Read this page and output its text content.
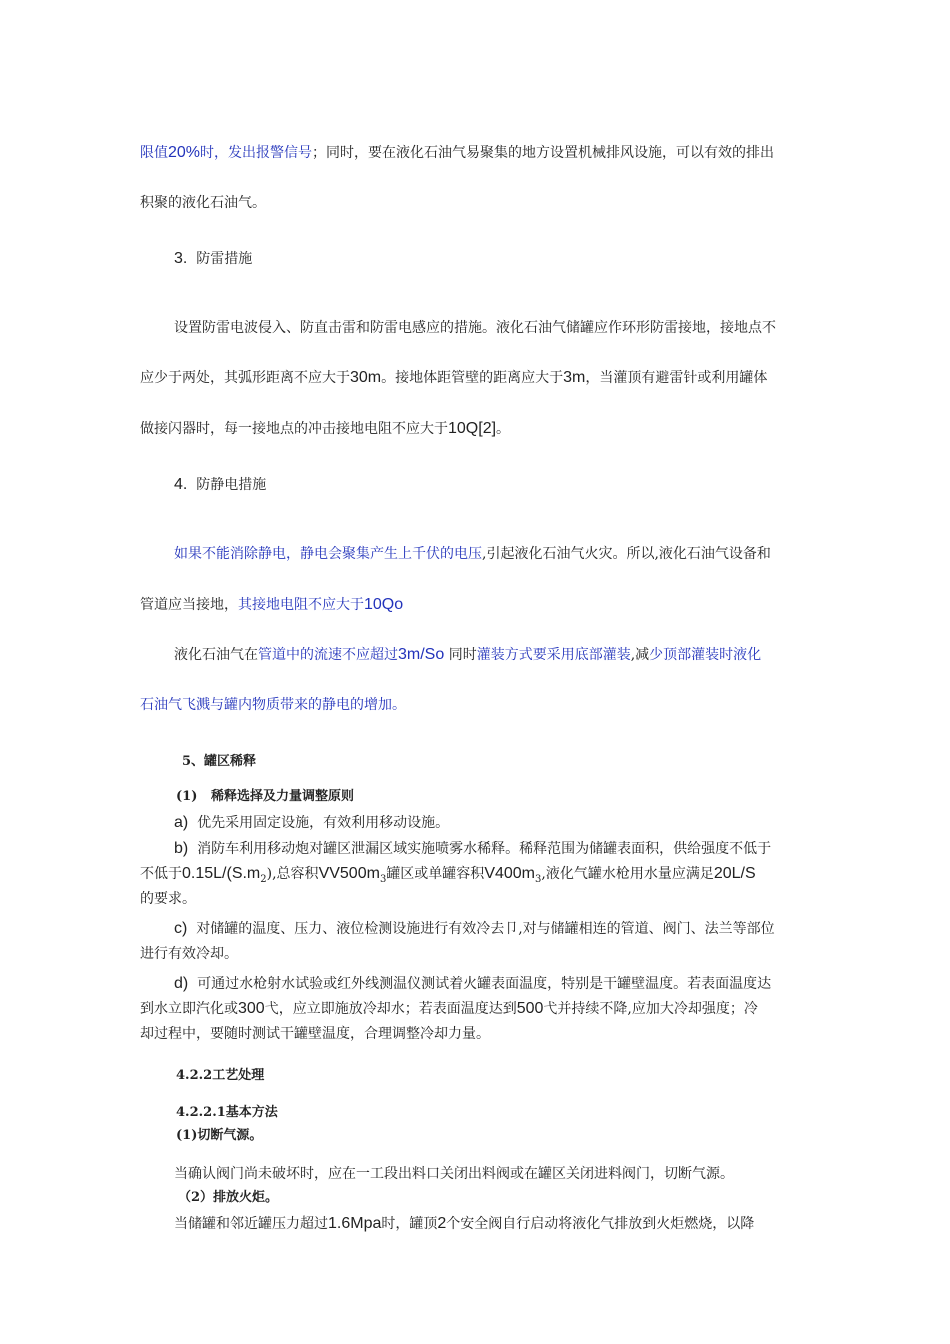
限值20%时，发出报警信号；同时，要在液化石油气易聚集的地方设置机械排风设施，可以有效的排出
积聚的液化石油气。
3. 防雷措施
设置防雷电波侵入、防直击雷和防雷电感应的措施。液化石油气储罐应作环形防雷接地，接地点不
应少于两处，其弧形距离不应大于30m。接地体距管壁的距离应大于3m，当灌顶有避雷针或利用罐体
做接闪器时，每一接地点的冲击接地电阻不应大于10Q[2]。
4. 防静电措施
如果不能消除静电，静电会聚集产生上千伏的电压,引起液化石油气火灾。所以,液化石油气设备和
管道应当接地，其接地电阻不应大于10Qo
液化石油气在管道中的流速不应超过3m/So 同时灌装方式要采用底部灌装,减少顶部灌装时液化
石油气飞溅与罐内物质带来的静电的增加。
5、罐区稀释
(1) 稀释选择及力量调整原则
a) 优先采用固定设施，有效利用移动设施。
b) 消防车利用移动炮对罐区泄漏区域实施喷雾水稀释。稀释范围为储罐表面积，供给强度不低于
不低于$0.15L/(S.m_2)$,总容积$VV500m_3$罐区或单罐容积$V400m_3$,液化气罐水枪用水量应满足20L/S
的要求。
c) 对储罐的温度、压力、液位检测设施进行有效冷去卩,对与储罐相连的管道、阀门、法兰等部位
进行有效冷却。
d) 可通过水枪射水试验或红外线测温仪测试着火罐表面温度，特别是干罐壁温度。若表面温度达
到水立即汽化或300弋，应立即施放冷却水；若表面温度达到500弋并持续不降,应加大冷却强度；冷
却过程中，要随时测试干罐壁温度，合理调整冷却力量。
4.2.2工艺处理
4.2.2.1基本方法
(1)切断气源。
当确认阀门尚未破坏时，应在一工段出料口关闭出料阀或在罐区关闭进料阀门，切断气源。
（2）排放火炬。
当储罐和邻近罐压力超过1.6Mpa时，罐顶2个安全阀自行启动将液化气排放到火炬燃烧，以降
